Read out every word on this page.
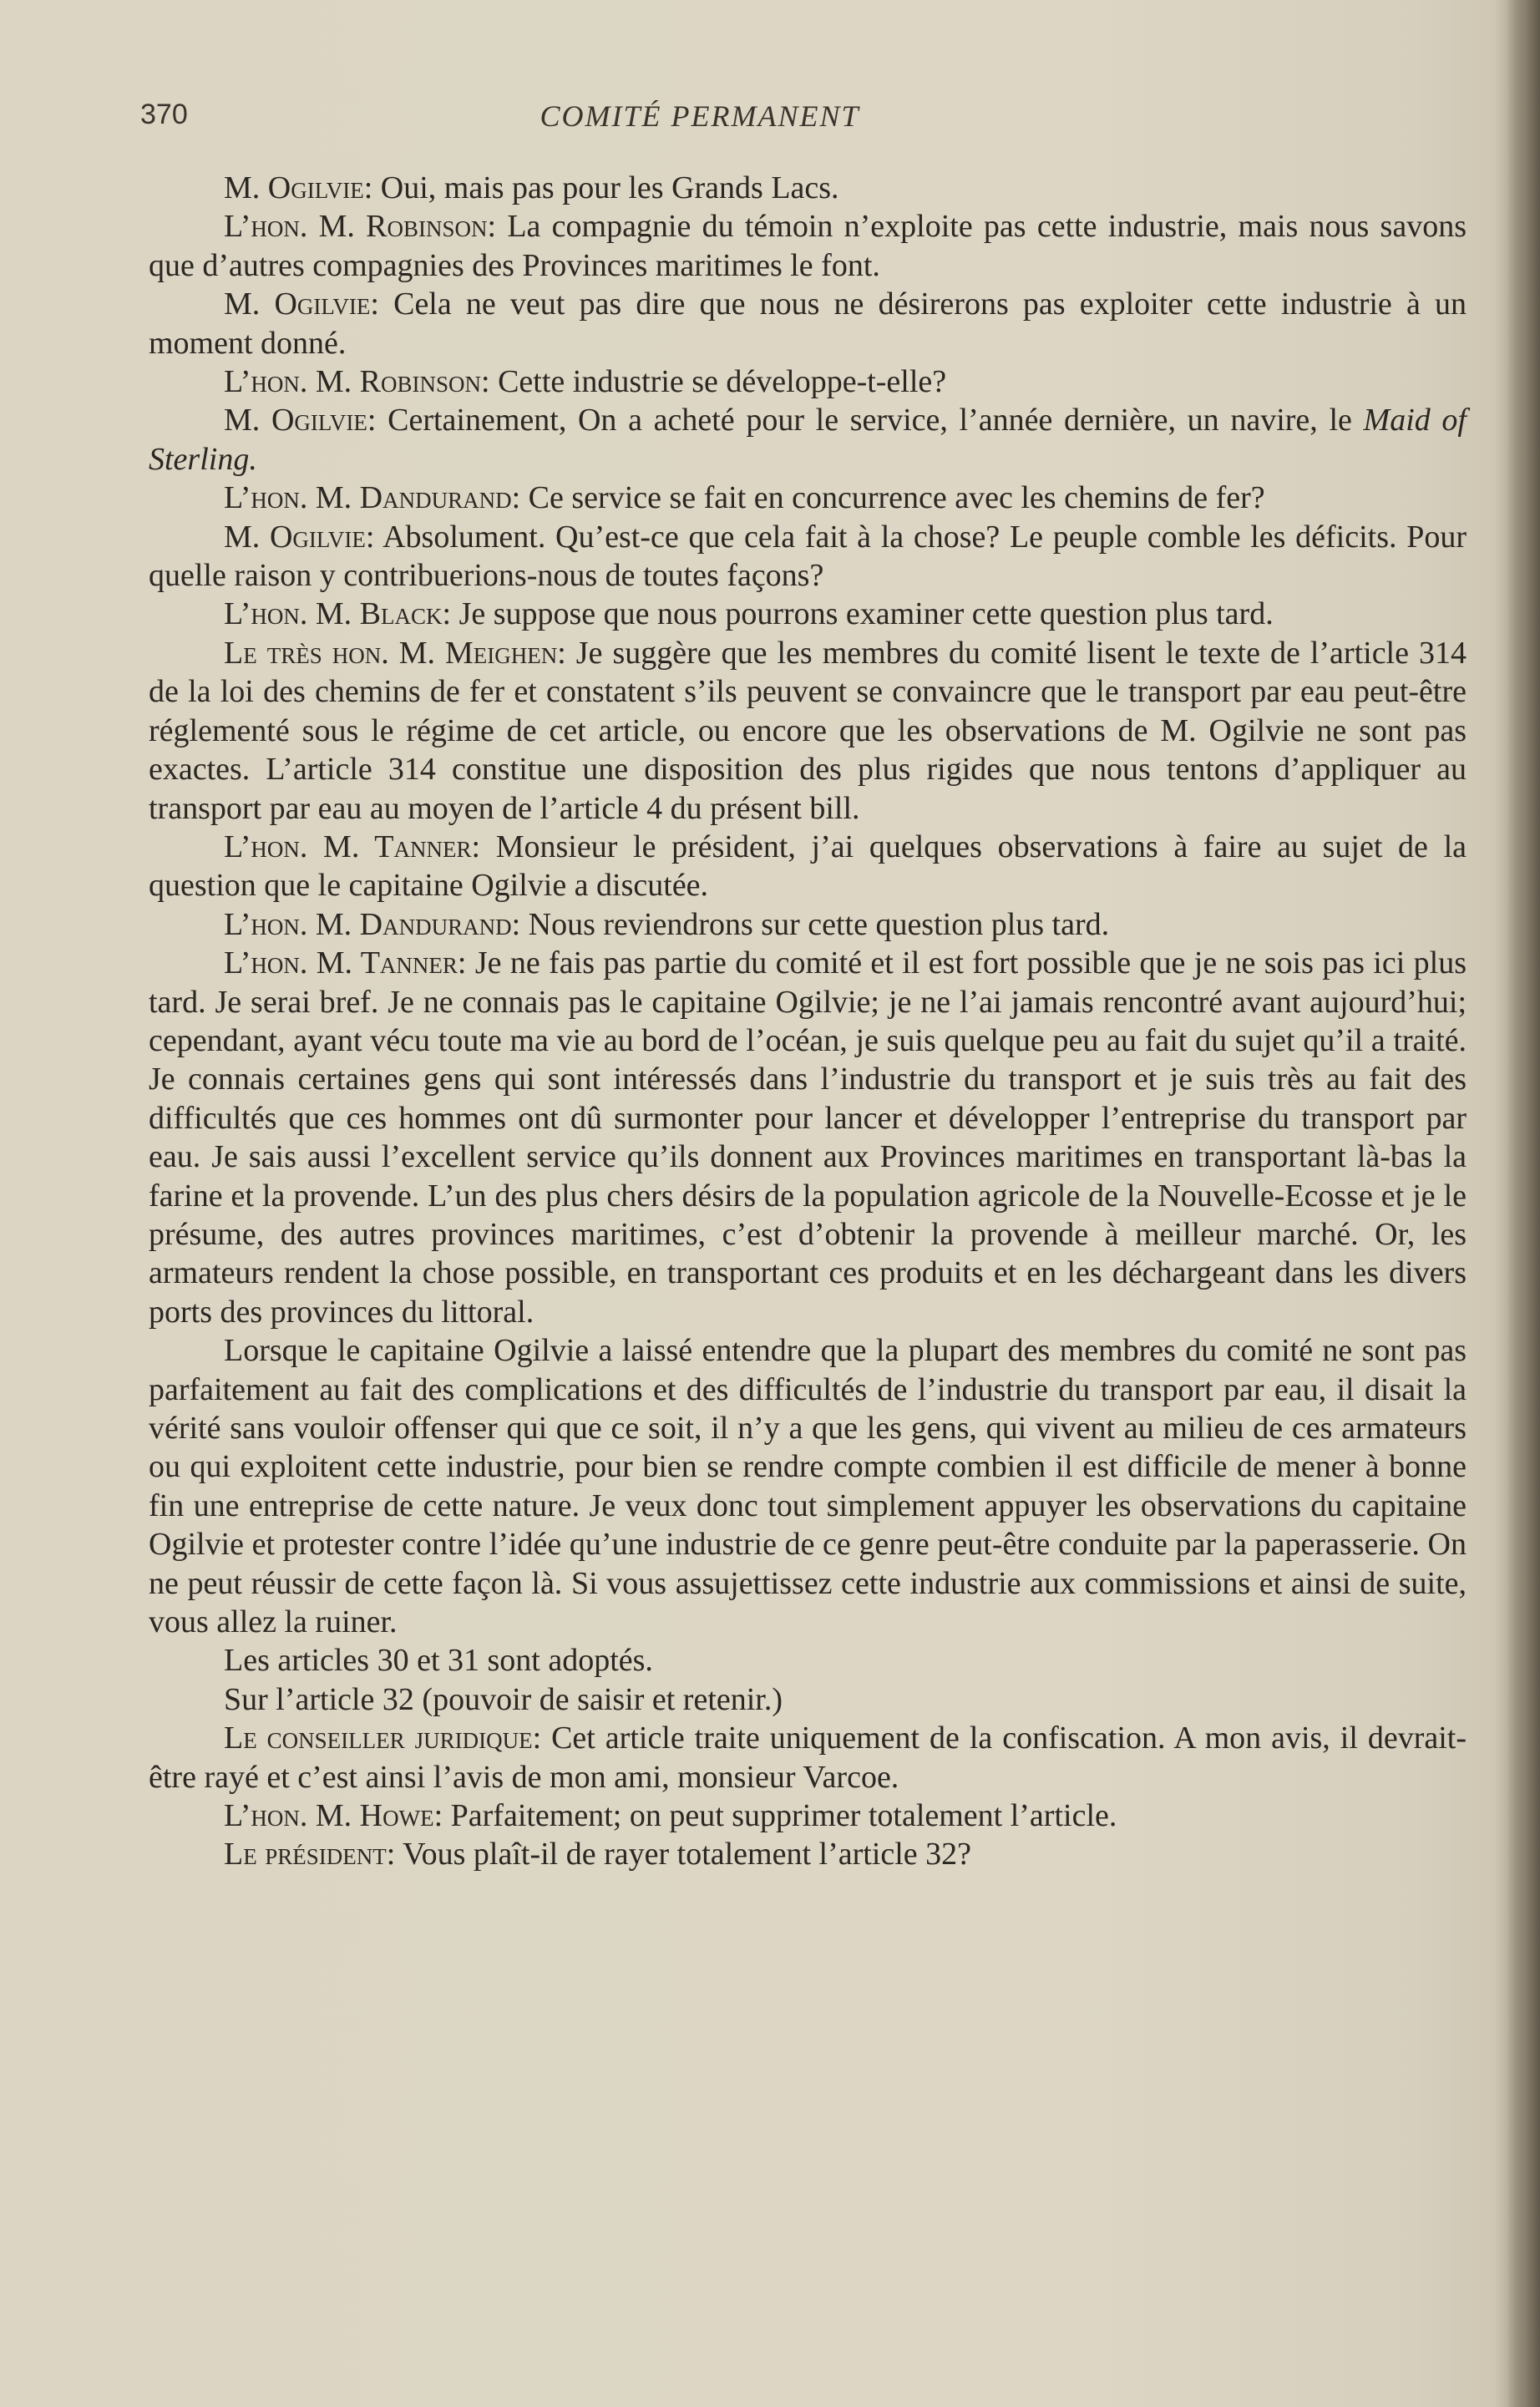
370	COMITÉ PERMANENT

M. Ogilvie: Oui, mais pas pour les Grands Lacs.

L’hon. M. Robinson: La compagnie du témoin n’exploite pas cette industrie, mais nous savons que d’autres compagnies des Provinces maritimes le font.

M. Ogilvie: Cela ne veut pas dire que nous ne désirerons pas exploiter cette industrie à un moment donné.

L’hon. M. Robinson: Cette industrie se développe-t-elle?

M. Ogilvie: Certainement, On a acheté pour le service, l’année dernière, un navire, le Maid of Sterling.

L’hon. M. Dandurand: Ce service se fait en concurrence avec les chemins de fer?

M. Ogilvie: Absolument. Qu’est-ce que cela fait à la chose? Le peuple comble les déficits. Pour quelle raison y contribuerions-nous de toutes façons?

L’hon. M. Black: Je suppose que nous pourrons examiner cette question plus tard.

Le très hon. M. Meighen: Je suggère que les membres du comité lisent le texte de l’article 314 de la loi des chemins de fer et constatent s’ils peuvent se convaincre que le transport par eau peut-être réglementé sous le régime de cet article, ou encore que les observations de M. Ogilvie ne sont pas exactes. L’article 314 constitue une disposition des plus rigides que nous tentons d’appliquer au transport par eau au moyen de l’article 4 du présent bill.

L’hon. M. Tanner: Monsieur le président, j’ai quelques observations à faire au sujet de la question que le capitaine Ogilvie a discutée.

L’hon. M. Dandurand: Nous reviendrons sur cette question plus tard.

L’hon. M. Tanner: Je ne fais pas partie du comité et il est fort possible que je ne sois pas ici plus tard. Je serai bref. Je ne connais pas le capitaine Ogilvie; je ne l’ai jamais rencontré avant aujourd’hui; cependant, ayant vécu toute ma vie au bord de l’océan, je suis quelque peu au fait du sujet qu’il a traité. Je connais certaines gens qui sont intéressés dans l’industrie du transport et je suis très au fait des difficultés que ces hommes ont dû surmonter pour lancer et développer l’entreprise du transport par eau. Je sais aussi l’excellent service qu’ils donnent aux Provinces maritimes en transportant là-bas la farine et la provende. L’un des plus chers désirs de la population agricole de la Nouvelle-Ecosse et je le présume, des autres provinces maritimes, c’est d’obtenir la provende à meilleur marché. Or, les armateurs rendent la chose possible, en transportant ces produits et en les déchargeant dans les divers ports des provinces du littoral.

Lorsque le capitaine Ogilvie a laissé entendre que la plupart des membres du comité ne sont pas parfaitement au fait des complications et des difficultés de l’industrie du transport par eau, il disait la vérité sans vouloir offenser qui que ce soit, il n’y a que les gens, qui vivent au milieu de ces armateurs ou qui exploitent cette industrie, pour bien se rendre compte combien il est difficile de mener à bonne fin une entreprise de cette nature. Je veux donc tout simplement appuyer les observations du capitaine Ogilvie et protester contre l’idée qu’une industrie de ce genre peut-être conduite par la paperasserie. On ne peut réussir de cette façon là. Si vous assujettissez cette industrie aux commissions et ainsi de suite, vous allez la ruiner.

Les articles 30 et 31 sont adoptés.

Sur l’article 32 (pouvoir de saisir et retenir.)

Le conseiller juridique: Cet article traite uniquement de la confiscation. A mon avis, il devrait-être rayé et c’est ainsi l’avis de mon ami, monsieur Varcoe.

L’hon. M. Howe: Parfaitement; on peut supprimer totalement l’article.

Le président: Vous plaît-il de rayer totalement l’article 32?
